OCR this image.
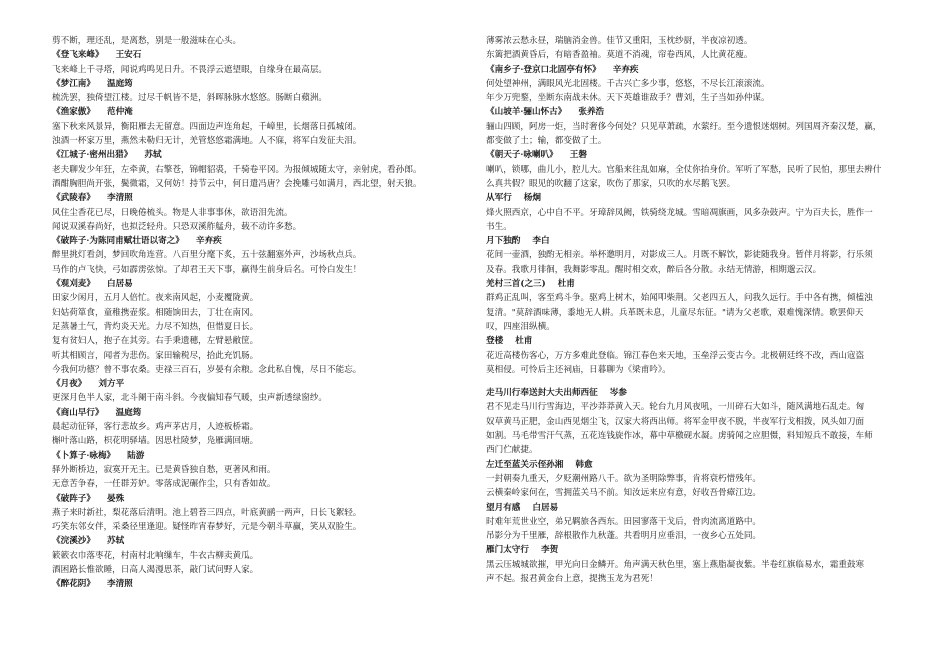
剪不断，理还乱，是离愁，别是一般滋味在心头。
《登飞来峰》 王安石
飞来峰上千寻塔，闻说鸡鸣见日升。不畏浮云遮望眼，自缘身在最高层。
《梦江南》 温庭筠
梳洗罢，独倚望江楼。过尽千帆皆不是，斜晖脉脉水悠悠。肠断白蘋洲。
《渔家傲》 范仲淹
塞下秋来风景异，衡阳雁去无留意。四面边声连角起，千嶂里，长烟落日孤城闭。
浊酒一杯家万里，燕然未勒归无计，羌管悠悠霜满地。人不寐，将军白发征夫泪。
《江城子·密州出猎》 苏轼
老夫聊发少年狂，左牵黄，右擎苍，锦帽貂裘，千骑卷平冈。为报倾城随太守，亲射虎，看孙郎。
酒酣胸胆尚开张，鬓微霜，又何妨！持节云中，何日遣冯唐？会挽雕弓如满月，西北望，射天狼。
《武陵春》 李清照
风住尘香花已尽，日晚倦梳头。物是人非事事休，欲语泪先流。
闻说双溪春尚好，也拟泛轻舟。只恐双溪舴艋舟，载不动许多愁。
《破阵子·为陈同甫赋壮语以寄之》 辛弃疾
醉里挑灯看剑，梦回吹角连营。八百里分麾下炙，五十弦翻塞外声，沙场秋点兵。
马作的卢飞快，弓如霹雳弦惊。了却君王天下事，赢得生前身后名。可怜白发生！
《观刈麦》 白居易
田家少闲月，五月人倍忙。夜来南风起，小麦覆陇黄。
妇姑荷箪食，童稚携壶浆。相随饷田去，丁壮在南冈。
足蒸暑土气，背灼炎天光。力尽不知热，但惜夏日长。
复有贫妇人，抱子在其旁。右手秉遗穗，左臂悬敝筐。
听其相顾言，闻者为悲伤。家田输税尽，拾此充饥肠。
今我何功德？曾不事农桑。吏禄三百石，岁晏有余粮。念此私自愧，尽日不能忘。
《月夜》 刘方平
更深月色半人家，北斗阑干南斗斜。今夜偏知春气暖，虫声新透绿窗纱。
《商山早行》 温庭筠
晨起动征铎，客行悲故乡。鸡声茅店月，人迹板桥霜。
槲叶落山路，枳花明驿墙。因思杜陵梦，凫雁满回塘。
《卜算子·咏梅》 陆游
驿外断桥边，寂寞开无主。已是黄昏独自愁，更著风和雨。
无意苦争春，一任群芳妒。零落成泥碾作尘，只有香如故。
《破阵子》 晏殊
燕子来时新社，梨花落后清明。池上碧苔三四点，叶底黄鹂一两声，日长飞絮轻。
巧笑东邻女伴，采桑径里逢迎。疑怪昨宵春梦好，元是今朝斗草赢，笑从双脸生。
《浣溪沙》 苏轼
簌簌衣巾落枣花，村南村北响缫车，牛衣古柳卖黄瓜。
酒困路长惟欲睡，日高人渴漫思茶，敲门试问野人家。
《醉花阴》 李清照
薄雾浓云愁永昼，瑞脑消金兽。佳节又重阳，玉枕纱厨，半夜凉初透。
东篱把酒黄昏后，有暗香盈袖。莫道不消魂，帘卷西风，人比黄花瘦。
《南乡子·登京口北固亭有怀》 辛弃疾
何处望神州，满眼风光北固楼。千古兴亡多少事，悠悠，不尽长江滚滚流。
年少万兜鍪，坐断东南战未休。天下英雄谁敌手？曹刘，生子当如孙仲谋。
《山坡羊·骊山怀古》 张养浩
骊山四顾，阿房一炬，当时奢侈今何处？只见草萧疏，水萦纡。至今遗恨迷烟树。列国周齐秦汉楚，赢，
都变做了土；输，都变做了土。
《朝天子·咏喇叭》 王磐
喇叭，锁哪，曲儿小，腔儿大。官船来往乱如麻，全仗你抬身价。军听了军愁，民听了民怕，那里去辨什
么真共假？眼见的吹翻了这家，吹伤了那家，只吹的水尽鹅飞罢。
从军行 杨炯
烽火照西京，心中自不平。牙璋辞凤阙，铁骑绕龙城。雪暗凋旗画，风多杂鼓声。宁为百夫长，胜作一
书生。
月下独酌 李白
花间一壶酒，独酌无相亲。举杯邀明月，对影成三人。月既不解饮，影徒随我身。暂伴月将影，行乐须
及春。我歌月徘徊，我舞影零乱。醒时相交欢，醉后各分散。永结无情游，相期邈云汉。
羌村三首(之三) 杜甫
群鸡正乱叫，客至鸡斗争。驱鸡上树木，始闻叩柴荆。父老四五人，问我久远行。手中各有携，倾榼浊
复清。"莫辞酒味薄，黍地无人耕。兵革既未息，儿童尽东征。"请为父老歌，艰难愧深情。歌罢仰天
叹，四座泪纵横。
登楼 杜甫
花近高楼伤客心，万方多难此登临。锦江春色来天地，玉垒浮云变古今。北极朝廷终不改，西山寇盗
莫相侵。可怜后主还祠庙，日暮聊为《梁甫吟》。
走马川行奉送封大夫出师西征 岑参
君不见走马川行雪海边，平沙莽莽黄入天。轮台九月风夜吼，一川碎石大如斗，随风满地石乱走。匈
奴草黄马正肥，金山西见烟尘飞，汉家大将西出师。将军金甲夜不脱，半夜军行戈相拨，风头如刀面
如割。马毛带雪汗气蒸，五花连钱旋作冰，幕中草檄砚水凝。虏骑闻之应胆慑，料知短兵不敢接，车师
西门伫献捷。
左迁至蓝关示侄孙湘 韩愈
一封朝奏九重天，夕贬潮州路八千。欲为圣明除弊事，肯将衰朽惜残年。
云横秦岭家何在，雪拥蓝关马不前。知汝远来应有意，好收吾骨瘴江边。
望月有感 白居易
时难年荒世业空，弟兄羁旅各西东。田园寥落干戈后，骨肉流离道路中。
吊影分为千里雁，辞根散作九秋蓬。共看明月应垂泪，一夜乡心五处同。
雁门太守行 李贺
黑云压城城欲摧，甲光向日金鳞开。角声满天秋色里，塞上燕脂凝夜紫。半卷红旗临易水，霜重鼓寒
声不起。报君黄金台上意，提携玉龙为君死！
